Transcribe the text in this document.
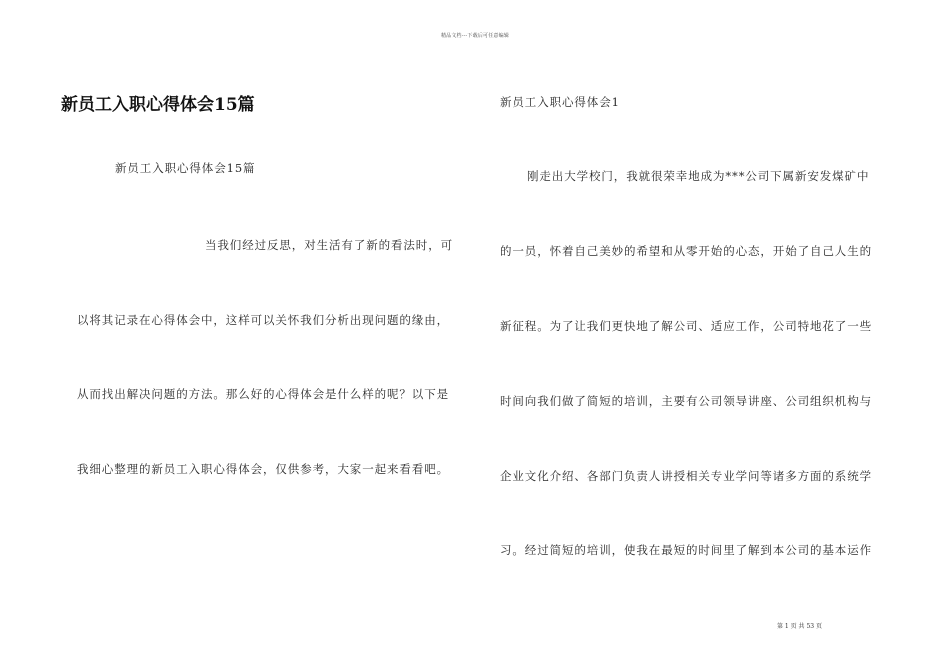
精品文档---下载后可任意编辑
新员工入职心得体会15篇
新员工入职心得体会15篇
当我们经过反思，对生活有了新的看法时，可
以将其记录在心得体会中，这样可以关怀我们分析出现问题的缘由，
从而找出解决问题的方法。那么好的心得体会是什么样的呢？以下是
我细心整理的新员工入职心得体会，仅供参考，大家一起来看看吧。
新员工入职心得体会1
刚走出大学校门，我就很荣幸地成为***公司下属新安发煤矿中
的一员，怀着自己美妙的希望和从零开始的心态，开始了自己人生的
新征程。为了让我们更快地了解公司、适应工作，公司特地花了一些
时间向我们做了简短的培训，主要有公司领导讲座、公司组织机构与
企业文化介绍、各部门负责人讲授相关专业学问等诸多方面的系统学
习。经过简短的培训，使我在最短的时间里了解到本公司的基本运作
第 1 页 共 53 页
